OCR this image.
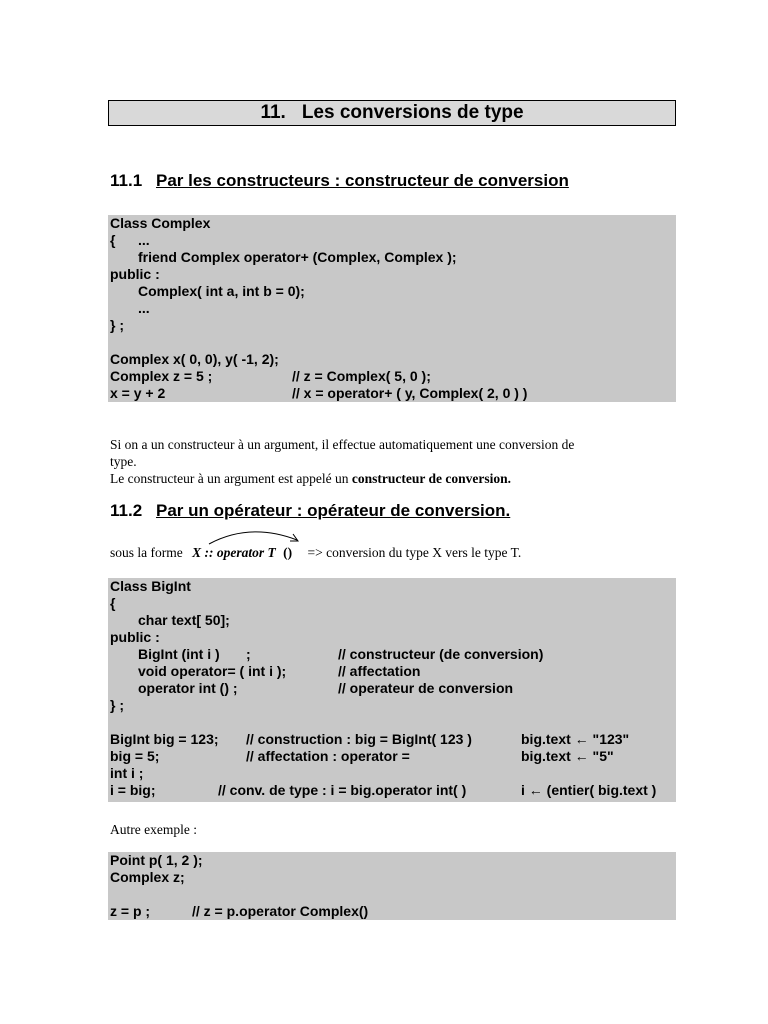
11. Les conversions de type
11.1 Par les constructeurs : constructeur de conversion
Class Complex
{ ...
friend Complex operator+ (Complex, Complex );
public :
Complex( int a, int b = 0);
...
} ;
Complex x( 0, 0), y( -1, 2);
Complex z = 5 ;	// z = Complex( 5, 0 );
x = y + 2	// x = operator+ ( y, Complex( 2, 0 ) )

Si on a un constructeur à un argument, il effectue automatiquement une conversion de

type.

Le constructeur à un argument est appelé un constructeur de conversion.

11.2 Par un opérateur : opérateur de conversion.
sous la forme X :: operator T () => conversion du type X vers le type T.
Class BigInt
{
char text[ 50];
public :
BigInt (int i ) ;	// constructeur (de conversion)
void operator= ( int i );	// affectation
operator int () ;	// operateur de conversion
} ;
BigInt big = 123; // construction : big = BigInt( 123 )	big.text ← "123"
big = 5;	// affectation : operator =	big.text ← "5"
int i ;
i = big;	// conv. de type : i = big.operator int( )	i ← (entier( big.text )
Autre exemple :
Point p( 1, 2 );
Complex z;
z = p ;	// z = p.operator Complex()
